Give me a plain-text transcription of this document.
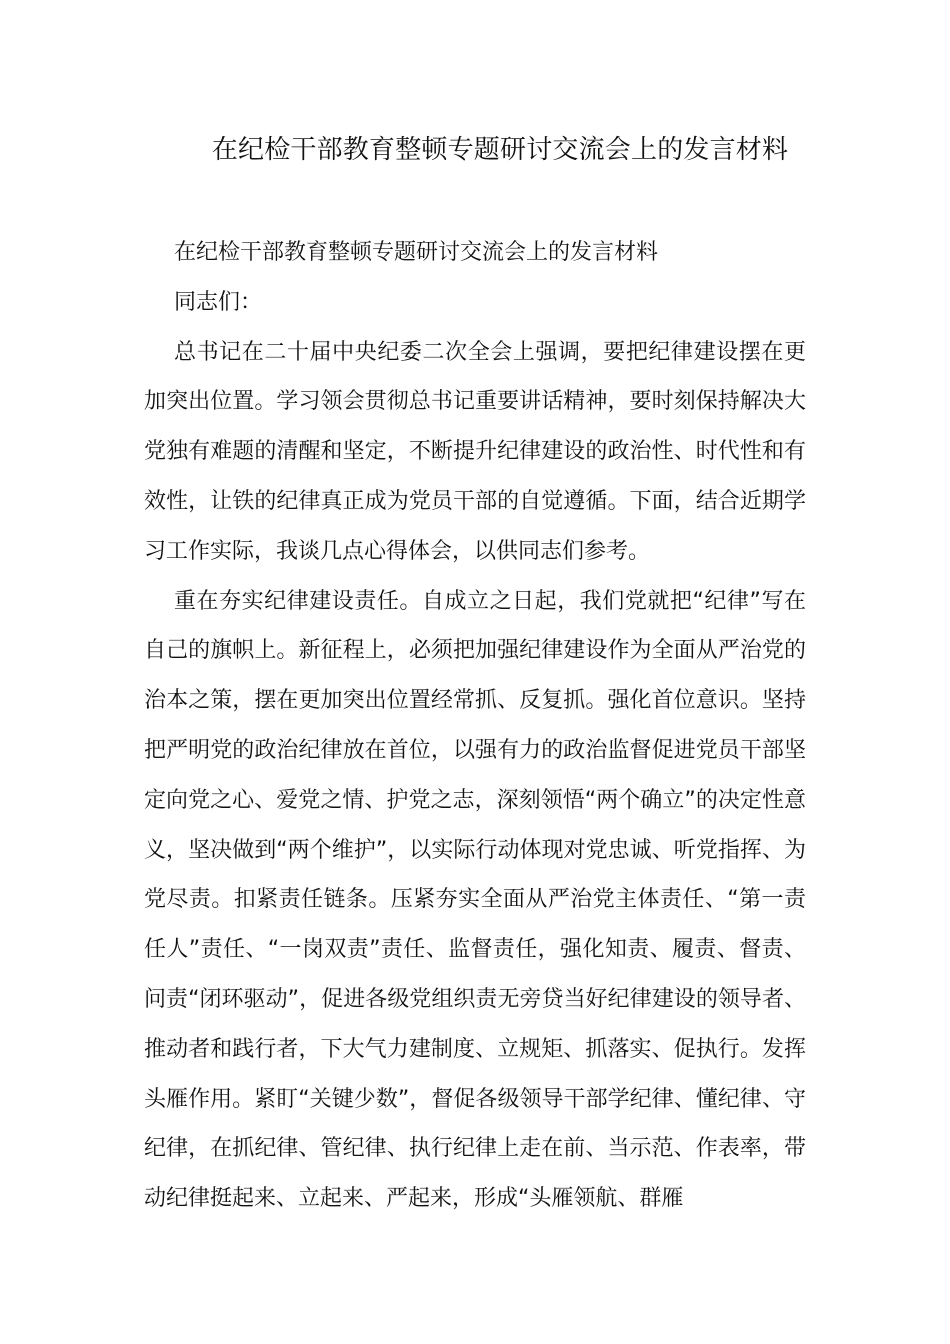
在纪检干部教育整顿专题研讨交流会上的发言材料

在纪检干部教育整顿专题研讨交流会上的发言材料

同志们：

总书记在二十届中央纪委二次全会上强调，要把纪律建设摆在更加突出位置。学习领会贯彻总书记重要讲话精神，要时刻保持解决大党独有难题的清醒和坚定，不断提升纪律建设的政治性、时代性和有效性，让铁的纪律真正成为党员干部的自觉遵循。下面，结合近期学习工作实际，我谈几点心得体会，以供同志们参考。

重在夯实纪律建设责任。自成立之日起，我们党就把“纪律”写在自己的旗帜上。新征程上，必须把加强纪律建设作为全面从严治党的治本之策，摆在更加突出位置经常抓、反复抓。强化首位意识。坚持把严明党的政治纪律放在首位，以强有力的政治监督促进党员干部坚定向党之心、爱党之情、护党之志，深刻领悟“两个确立”的决定性意义，坚决做到“两个维护”，以实际行动体现对党忠诚、听党指挥、为党尽责。扣紧责任链条。压紧夯实全面从严治党主体责任、“第一责任人”责任、“一岗双责”责任、监督责任，强化知责、履责、督责、问责“闭环驱动”，促进各级党组织责无旁贷当好纪律建设的领导者、推动者和践行者，下大气力建制度、立规矩、抓落实、促执行。发挥头雁作用。紧盯“关键少数”，督促各级领导干部学纪律、懂纪律、守纪律，在抓纪律、管纪律、执行纪律上走在前、当示范、作表率，带动纪律挺起来、立起来、严起来，形成“头雁领航、群雁
